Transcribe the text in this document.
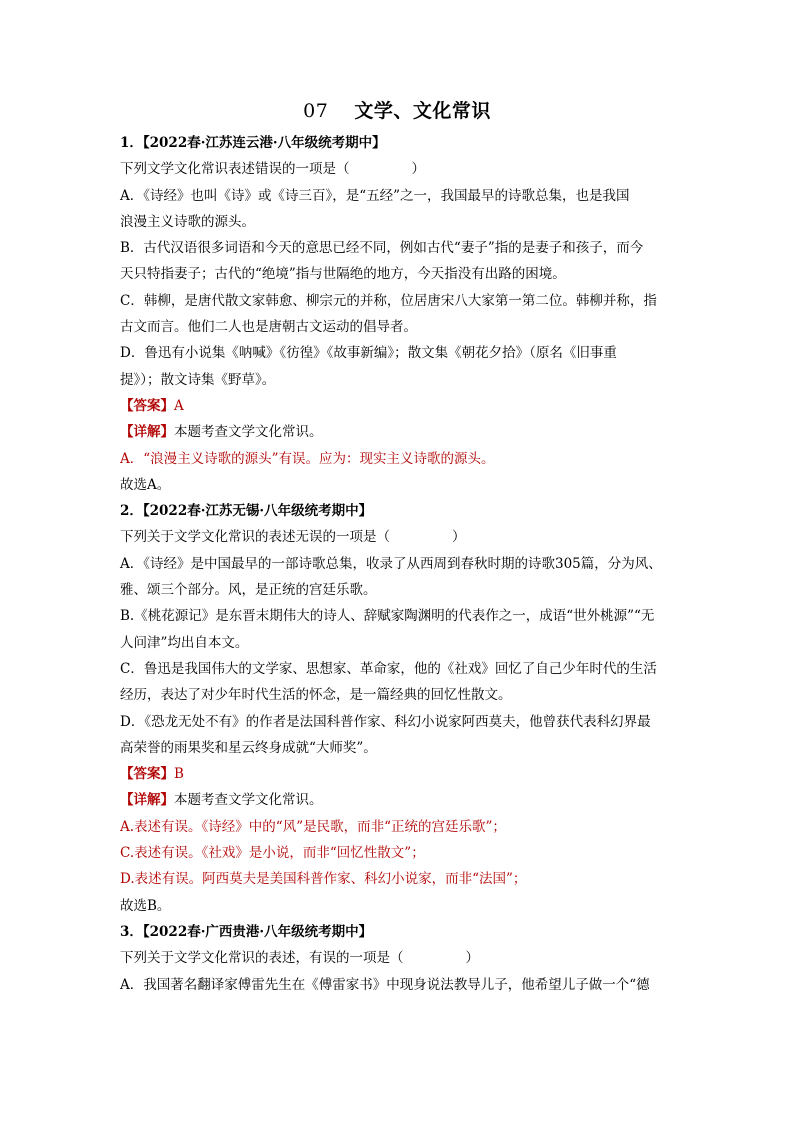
07 文学、文化常识
1．【2022春·江苏连云港·八年级统考期中】
下列文学文化常识表述错误的一项是（	）
A．《诗经》也叫《诗》或《诗三百》，是“五经”之一，我国最早的诗歌总集，也是我国
浪漫主义诗歌的源头。
B．古代汉语很多词语和今天的意思已经不同，例如古代“妻子”指的是妻子和孩子，而今
天只特指妻子；古代的“绝境”指与世隔绝的地方，今天指没有出路的困境。
C．韩柳，是唐代散文家韩愈、柳宗元的并称，位居唐宋八大家第一第二位。韩柳并称，指
古文而言。他们二人也是唐朝古文运动的倡导者。
D．鲁迅有小说集《呐喊》《彷徨》《故事新编》；散文集《朝花夕拾》（原名《旧事重
提》）；散文诗集《野草》。
【答案】A
【详解】本题考查文学文化常识。
A．“浪漫主义诗歌的源头”有误。应为：现实主义诗歌的源头。
故选A。
2．【2022春·江苏无锡·八年级统考期中】
下列关于文学文化常识的表述无误的一项是（	）
A．《诗经》是中国最早的一部诗歌总集，收录了从西周到春秋时期的诗歌305篇，分为风、
雅、颂三个部分。风，是正统的宫廷乐歌。
B.《桃花源记》是东晋末期伟大的诗人、辞赋家陶渊明的代表作之一，成语“世外桃源”“无
人问津”均出自本文。
C．鲁迅是我国伟大的文学家、思想家、革命家，他的《社戏》回忆了自己少年时代的生活
经历，表达了对少年时代生活的怀念，是一篇经典的回忆性散文。
D．《恐龙无处不有》的作者是法国科普作家、科幻小说家阿西莫夫，他曾获代表科幻界最
高荣誉的雨果奖和星云终身成就“大师奖”。
【答案】B
【详解】本题考查文学文化常识。
A.表述有误。《诗经》中的“风”是民歌，而非“正统的宫廷乐歌”；
C.表述有误。《社戏》是小说，而非“回忆性散文”；
D.表述有误。阿西莫夫是美国科普作家、科幻小说家，而非“法国”；
故选B。
3．【2022春·广西贵港·八年级统考期中】
下列关于文学文化常识的表述，有误的一项是（	）
A．我国著名翻译家傅雷先生在《傅雷家书》中现身说法教导儿子，他希望儿子做一个“德
